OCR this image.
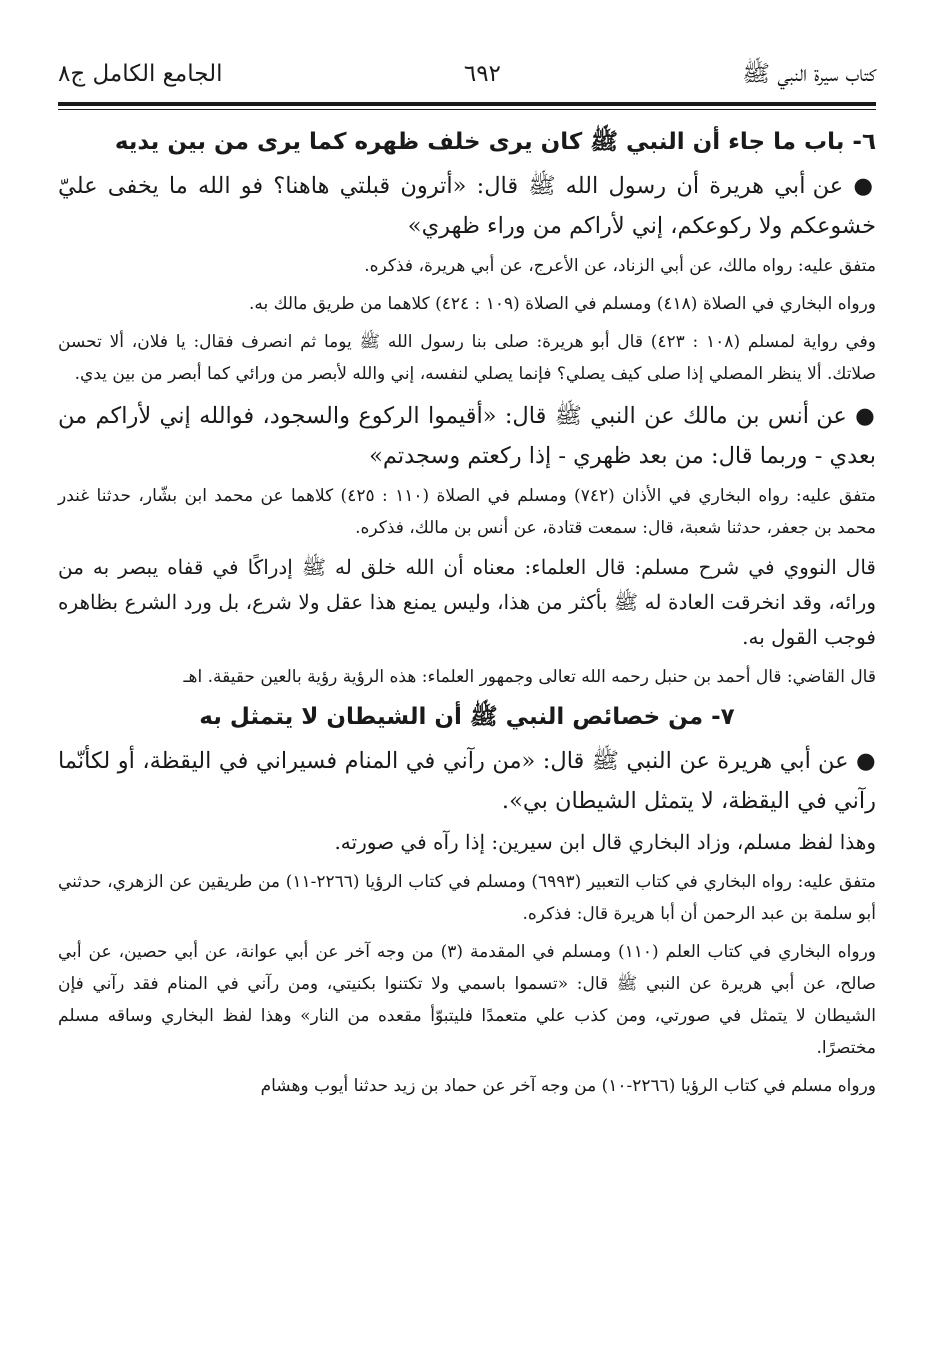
كتاب سيرة النبي ﷺ
٦٩٢
الجامع الكامل ج٨

٦- باب ما جاء أن النبي ﷺ كان يرى خلف ظهره كما يرى من بين يديه

● عن أبي هريرة أن رسول الله ﷺ قال: «أترون قبلتي هاهنا؟ فو الله ما يخفى عليّ خشوعكم ولا ركوعكم، إني لأراكم من وراء ظهري»

متفق عليه: رواه مالك، عن أبي الزناد، عن الأعرج، عن أبي هريرة، فذكره.

ورواه البخاري في الصلاة (٤١٨) ومسلم في الصلاة (١٠٩ : ٤٢٤) كلاهما من طريق مالك به.

وفي رواية لمسلم (١٠٨ : ٤٢٣) قال أبو هريرة: صلى بنا رسول الله ﷺ يوما ثم انصرف فقال: يا فلان، ألا تحسن صلاتك. ألا ينظر المصلي إذا صلى كيف يصلي؟ فإنما يصلي لنفسه، إني والله لأبصر من ورائي كما أبصر من بين يدي.

● عن أنس بن مالك عن النبي ﷺ قال: «أقيموا الركوع والسجود، فوالله إني لأراكم من بعدي - وربما قال: من بعد ظهري - إذا ركعتم وسجدتم»

متفق عليه: رواه البخاري في الأذان (٧٤٢) ومسلم في الصلاة (١١٠ : ٤٢٥) كلاهما عن محمد ابن بشّار، حدثنا غندر محمد بن جعفر، حدثنا شعبة، قال: سمعت قتادة، عن أنس بن مالك، فذكره.

قال النووي في شرح مسلم: قال العلماء: معناه أن الله خلق له ﷺ إدراكًا في قفاه يبصر به من ورائه، وقد انخرقت العادة له ﷺ بأكثر من هذا، وليس يمنع هذا عقل ولا شرع، بل ورد الشرع بظاهره فوجب القول به.

قال القاضي: قال أحمد بن حنبل رحمه الله تعالى وجمهور العلماء: هذه الرؤية رؤية بالعين حقيقة. اهـ

٧- من خصائص النبي ﷺ أن الشيطان لا يتمثل به

● عن أبي هريرة عن النبي ﷺ قال: «من رآني في المنام فسيراني في اليقظة، أو لكأنّما رآني في اليقظة، لا يتمثل الشيطان بي».

وهذا لفظ مسلم، وزاد البخاري قال ابن سيرين: إذا رآه في صورته.

متفق عليه: رواه البخاري في كتاب التعبير (٦٩٩٣) ومسلم في كتاب الرؤيا (٢٢٦٦-١١) من طريقين عن الزهري، حدثني أبو سلمة بن عبد الرحمن أن أبا هريرة قال: فذكره.

ورواه البخاري في كتاب العلم (١١٠) ومسلم في المقدمة (٣) من وجه آخر عن أبي عوانة، عن أبي حصين، عن أبي صالح، عن أبي هريرة عن النبي ﷺ قال: «تسموا باسمي ولا تكتنوا بكنيتي، ومن رآني في المنام فقد رآني فإن الشيطان لا يتمثل في صورتي، ومن كذب علي متعمدًا فليتبوّأ مقعده من النار» وهذا لفظ البخاري وساقه مسلم مختصرًا.

ورواه مسلم في كتاب الرؤيا (٢٢٦٦-١٠) من وجه آخر عن حماد بن زيد حدثنا أيوب وهشام
